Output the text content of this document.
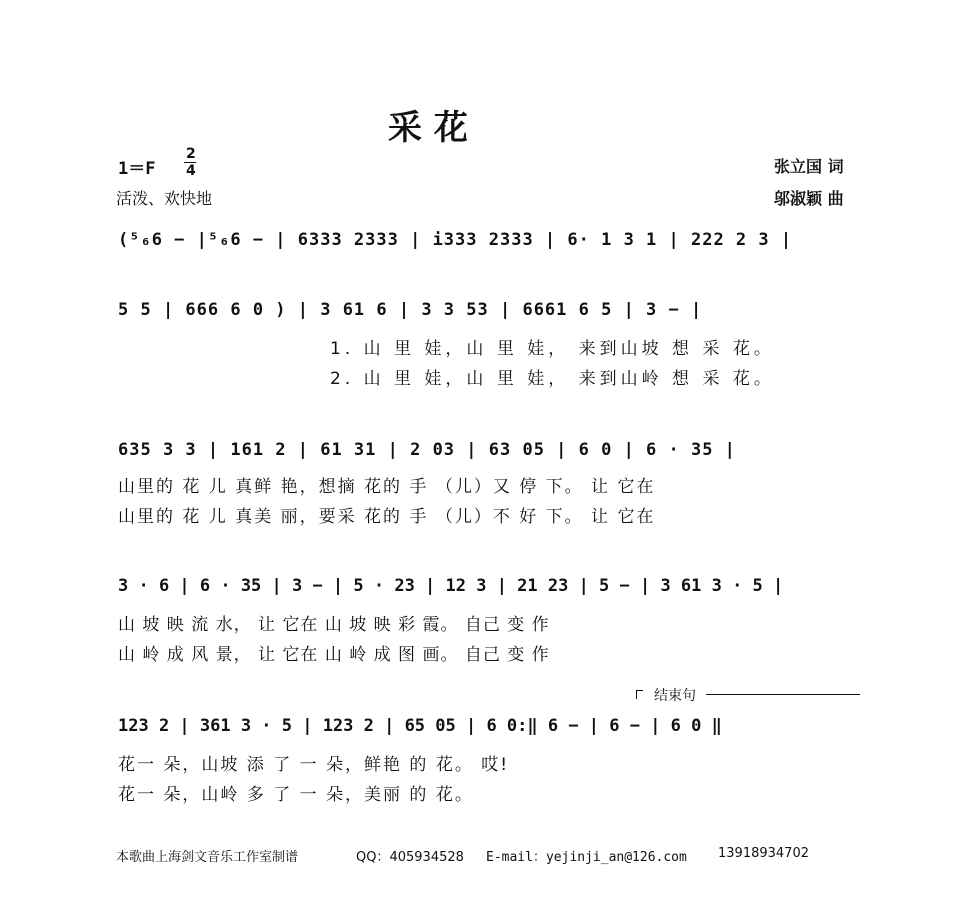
采 花
1＝F
2
4
活泼、欢快地
张立国 词
邬淑颖 曲
(⁵₆6 − |⁵₆6 − | 6333 2333 | i333 2333 | 6· 1 3 1 | 222 2 3 |
5 5 | 666 6 0 ) | 3 61 6 | 3 3 53 | 6661 6 5 | 3 − |
1. 山 里 娃，山 里 娃， 来到山坡 想 采 花。
2. 山 里 娃，山 里 娃， 来到山岭 想 采 花。
635 3 3 | 161 2 | 61 31 | 2 03 | 63 05 | 6 0 | 6 · 35 |
山里的 花 儿 真鲜 艳，想摘 花的 手 （儿）又 停 下。 让 它在
山里的 花 儿 真美 丽，要采 花的 手 （儿）不 好 下。 让 它在
3 · 6 | 6 · 35 | 3 − | 5 · 23 | 12 3 | 21 23 | 5 − | 3 61 3 · 5 |
山 坡 映 流 水， 让 它在 山 坡 映 彩 霞。 自己 变 作
山 岭 成 风 景， 让 它在 山 岭 成 图 画。 自己 变 作
结束句
123 2 | 361 3 · 5 | 123 2 | 65 05 | 6 0:‖ 6 − | 6 − | 6 0 ‖
花一 朵，山坡 添 了 一 朵，鲜艳 的 花。 哎!
花一 朵，山岭 多 了 一 朵，美丽 的 花。
本歌曲上海剑文音乐工作室制谱	QQ：405934528 E-mail：yejinji_an@126.com 13918934702
